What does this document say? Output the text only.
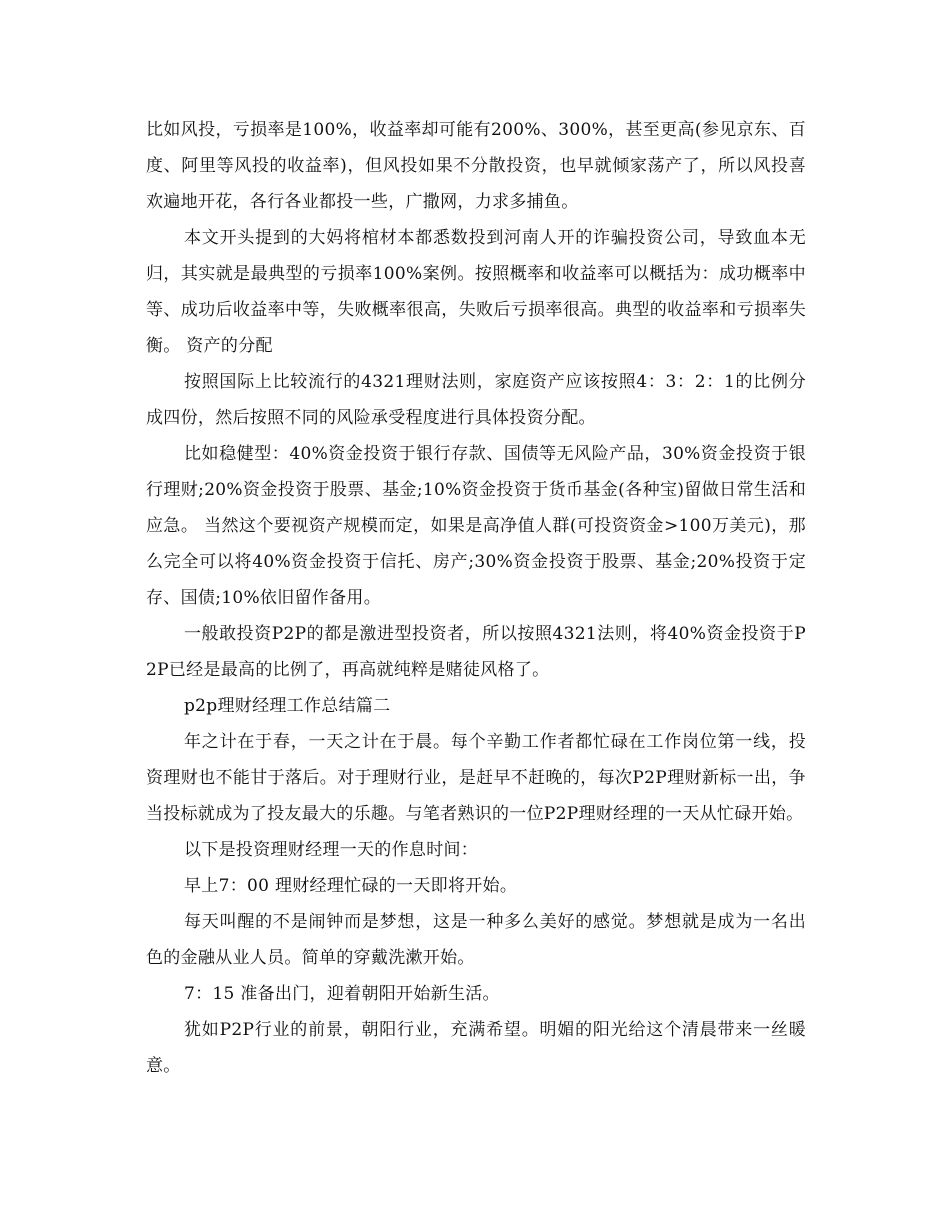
比如风投，亏损率是100%，收益率却可能有200%、300%，甚至更高(参见京东、百度、阿里等风投的收益率)，但风投如果不分散投资，也早就倾家荡产了，所以风投喜欢遍地开花，各行各业都投一些，广撒网，力求多捕鱼。

本文开头提到的大妈将棺材本都悉数投到河南人开的诈骗投资公司，导致血本无归，其实就是最典型的亏损率100%案例。按照概率和收益率可以概括为：成功概率中等、成功后收益率中等，失败概率很高，失败后亏损率很高。典型的收益率和亏损率失衡。 资产的分配

按照国际上比较流行的4321理财法则，家庭资产应该按照4：3：2：1的比例分成四份，然后按照不同的风险承受程度进行具体投资分配。

比如稳健型：40%资金投资于银行存款、国债等无风险产品，30%资金投资于银行理财;20%资金投资于股票、基金;10%资金投资于货币基金(各种宝)留做日常生活和应急。 当然这个要视资产规模而定，如果是高净值人群(可投资资金>100万美元)，那么完全可以将40%资金投资于信托、房产;30%资金投资于股票、基金;20%投资于定存、国债;10%依旧留作备用。

一般敢投资P2P的都是激进型投资者，所以按照4321法则，将40%资金投资于P2P已经是最高的比例了，再高就纯粹是赌徒风格了。

p2p理财经理工作总结篇二

年之计在于春，一天之计在于晨。每个辛勤工作者都忙碌在工作岗位第一线，投资理财也不能甘于落后。对于理财行业，是赶早不赶晚的，每次P2P理财新标一出，争当投标就成为了投友最大的乐趣。与笔者熟识的一位P2P理财经理的一天从忙碌开始。

以下是投资理财经理一天的作息时间：

早上7：00 理财经理忙碌的一天即将开始。

每天叫醒的不是闹钟而是梦想，这是一种多么美好的感觉。梦想就是成为一名出色的金融从业人员。简单的穿戴洗漱开始。

7：15 准备出门，迎着朝阳开始新生活。

犹如P2P行业的前景，朝阳行业，充满希望。明媚的阳光给这个清晨带来一丝暖意。
